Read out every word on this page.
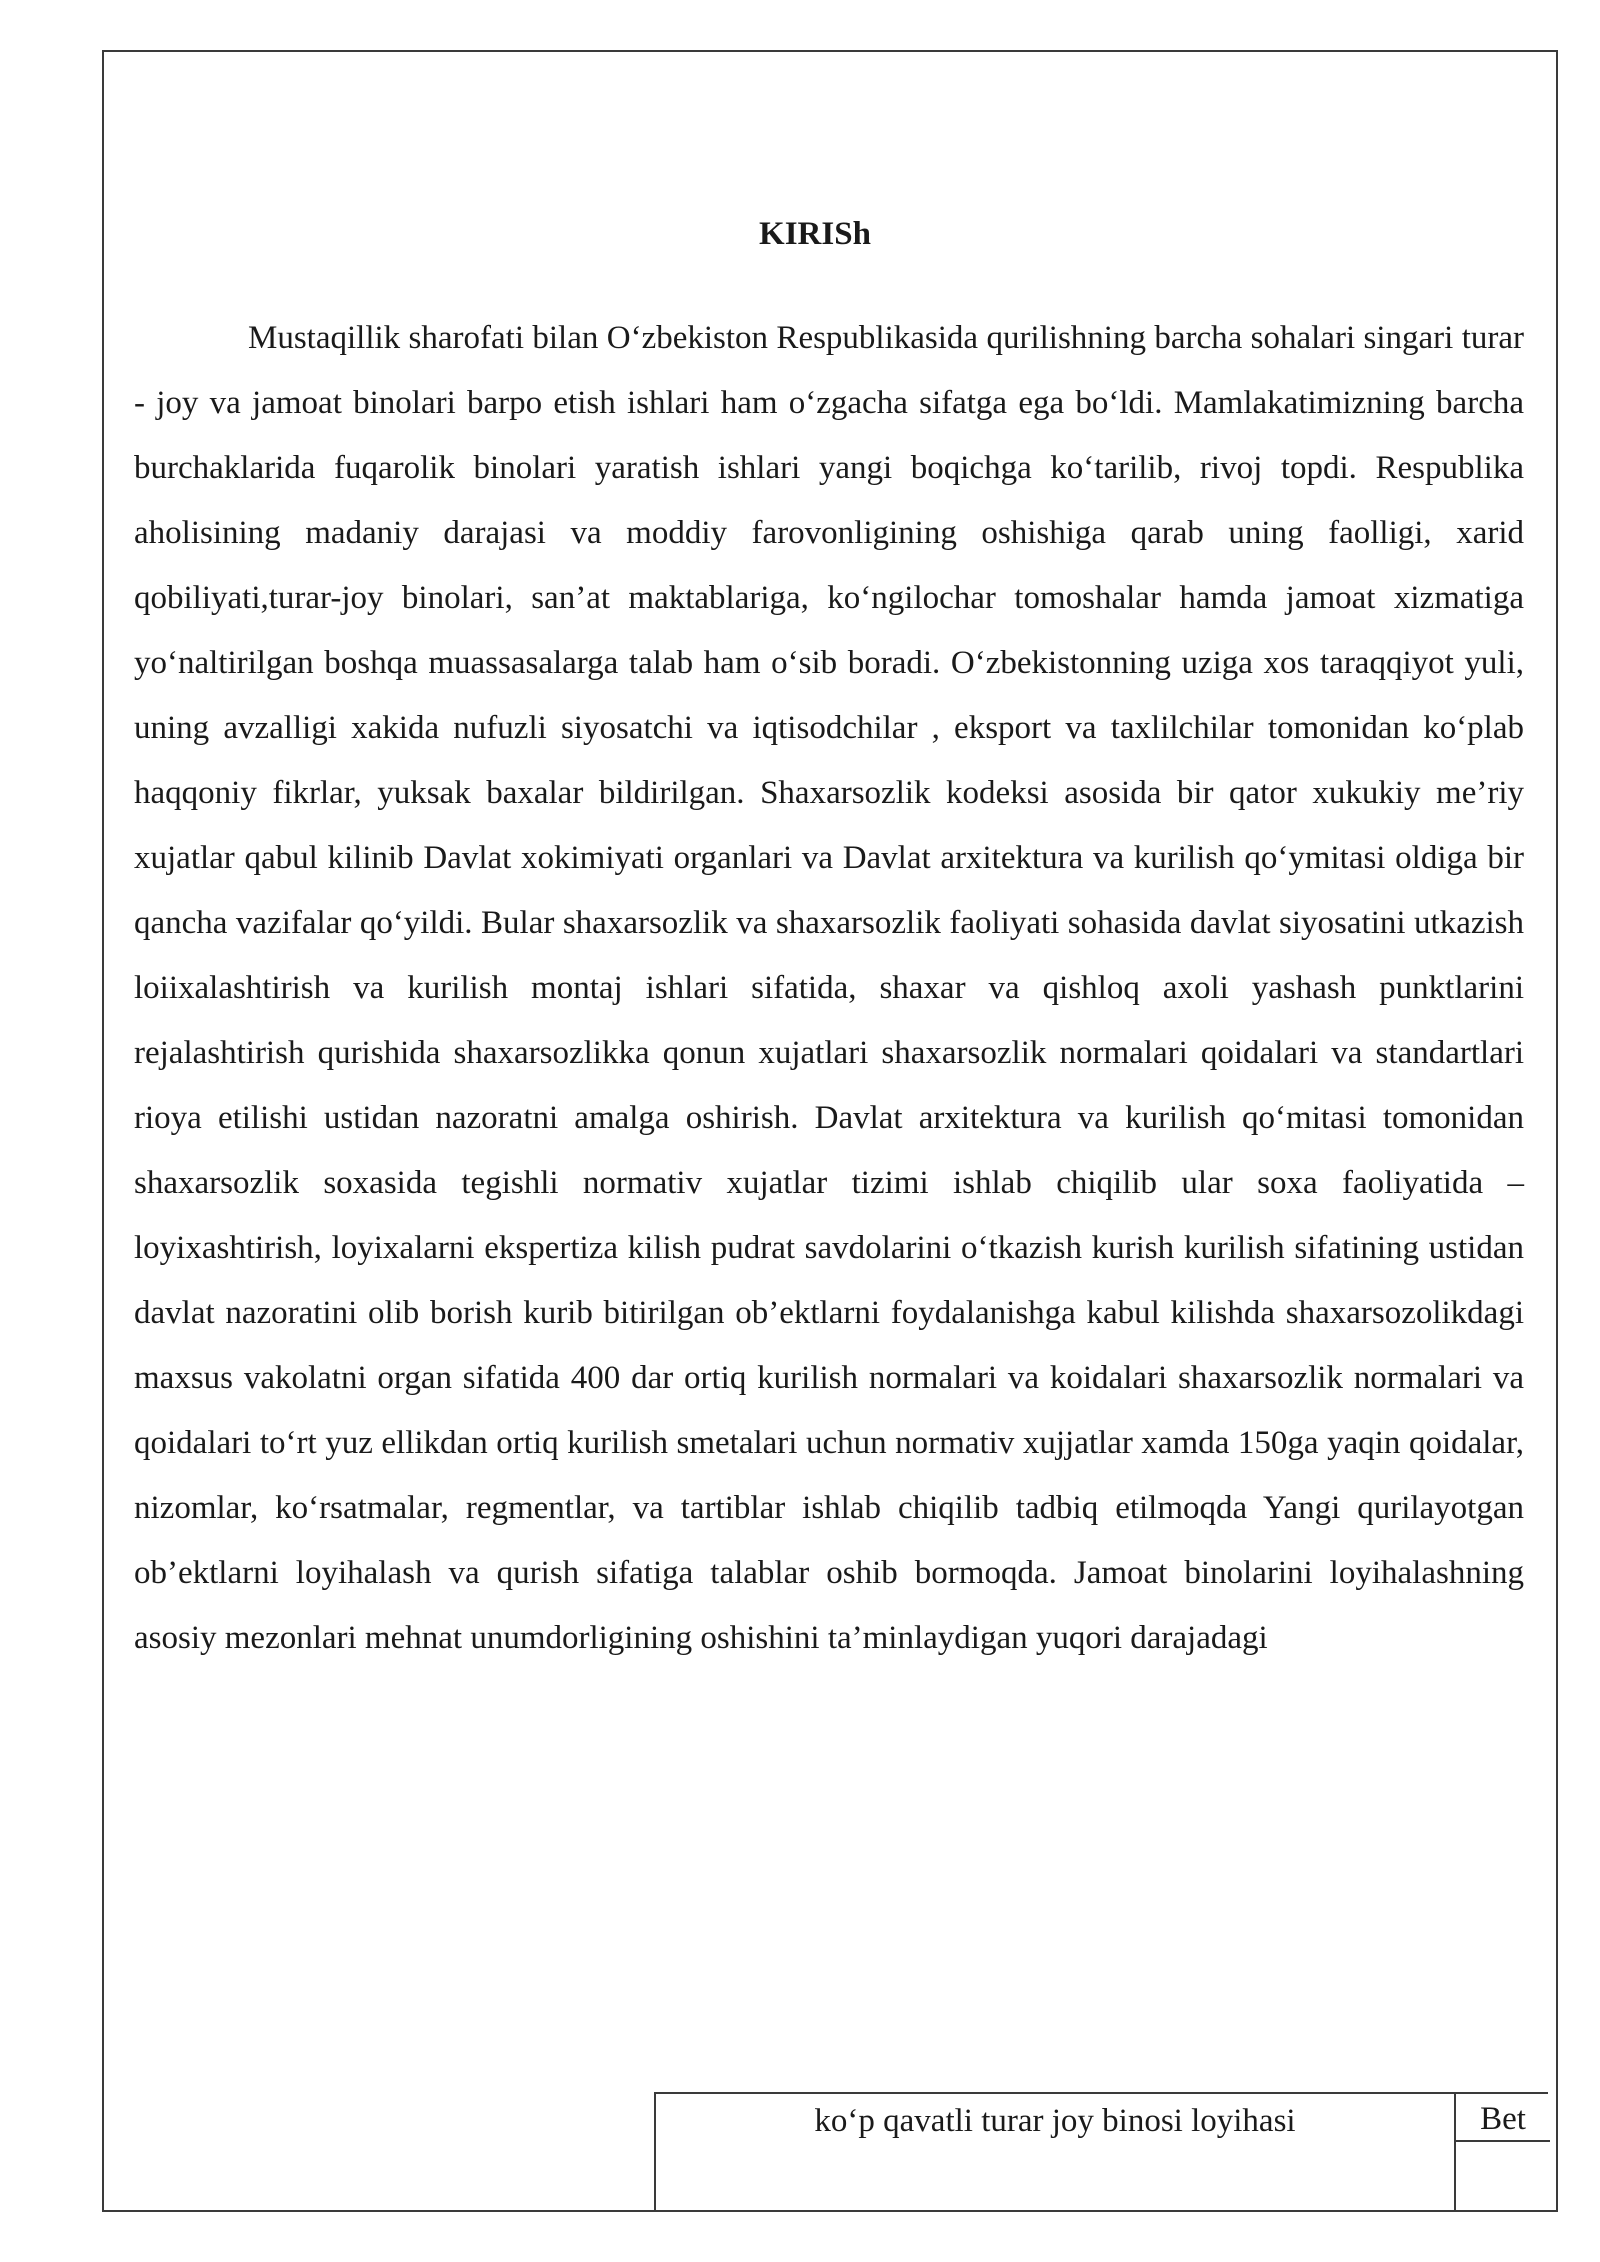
KIRISh

Mustaqillik sharofati bilan O‘zbekiston Respublikasida qurilishning barcha sohalari singari turar - joy va jamoat binolari barpo etish ishlari ham o‘zgacha sifatga ega bo‘ldi. Mamlakatimizning barcha burchaklarida fuqarolik binolari yaratish ishlari yangi boqichga ko‘tarilib, rivoj topdi. Respublika aholisining madaniy darajasi va moddiy farovonligining oshishiga qarab uning faolligi, xarid qobiliyati,turar-joy binolari, san’at maktablariga, ko‘ngilochar tomoshalar hamda jamoat xizmatiga yo‘naltirilgan boshqa muassasalarga talab ham o‘sib boradi. O‘zbekistonning uziga xos taraqqiyot yuli, uning avzalligi xakida nufuzli siyosatchi va iqtisodchilar , eksport va taxlilchilar tomonidan ko‘plab haqqoniy fikrlar, yuksak baxalar bildirilgan. Shaxarsozlik kodeksi asosida bir qator xukukiy me’riy xujatlar qabul kilinib Davlat xokimiyati organlari va Davlat arxitektura va kurilish qo‘ymitasi oldiga bir qancha vazifalar qo‘yildi. Bular shaxarsozlik va shaxarsozlik faoliyati sohasida davlat siyosatini utkazish loiixalashtirish va kurilish montaj ishlari sifatida, shaxar va qishloq axoli yashash punktlarini rejalashtirish qurishida shaxarsozlikka qonun xujatlari shaxarsozlik normalari qoidalari va standartlari rioya etilishi ustidan nazoratni amalga oshirish. Davlat arxitektura va kurilish qo‘mitasi tomonidan shaxarsozlik soxasida tegishli normativ xujatlar tizimi ishlab chiqilib ular soxa faoliyatida – loyixashtirish, loyixalarni ekspertiza kilish pudrat savdolarini o‘tkazish kurish kurilish sifatining ustidan davlat nazoratini olib borish kurib bitirilgan ob’ektlarni foydalanishga kabul kilishda shaxarsozolikdagi maxsus vakolatni organ sifatida 400 dar ortiq kurilish normalari va koidalari shaxarsozlik normalari va qoidalari to‘rt yuz ellikdan ortiq kurilish smetalari uchun normativ xujjatlar xamda 150ga yaqin qoidalar, nizomlar, ko‘rsatmalar, regmentlar, va tartiblar ishlab chiqilib tadbiq etilmoqda Yangi qurilayotgan ob’ektlarni loyihalash va qurish sifatiga talablar oshib bormoqda. Jamoat binolarini loyihalashning asosiy mezonlari mehnat unumdorligining oshishini ta’minlaydigan yuqori darajadagi

ko‘p qavatli turar joy binosi loyihasi	Bet
